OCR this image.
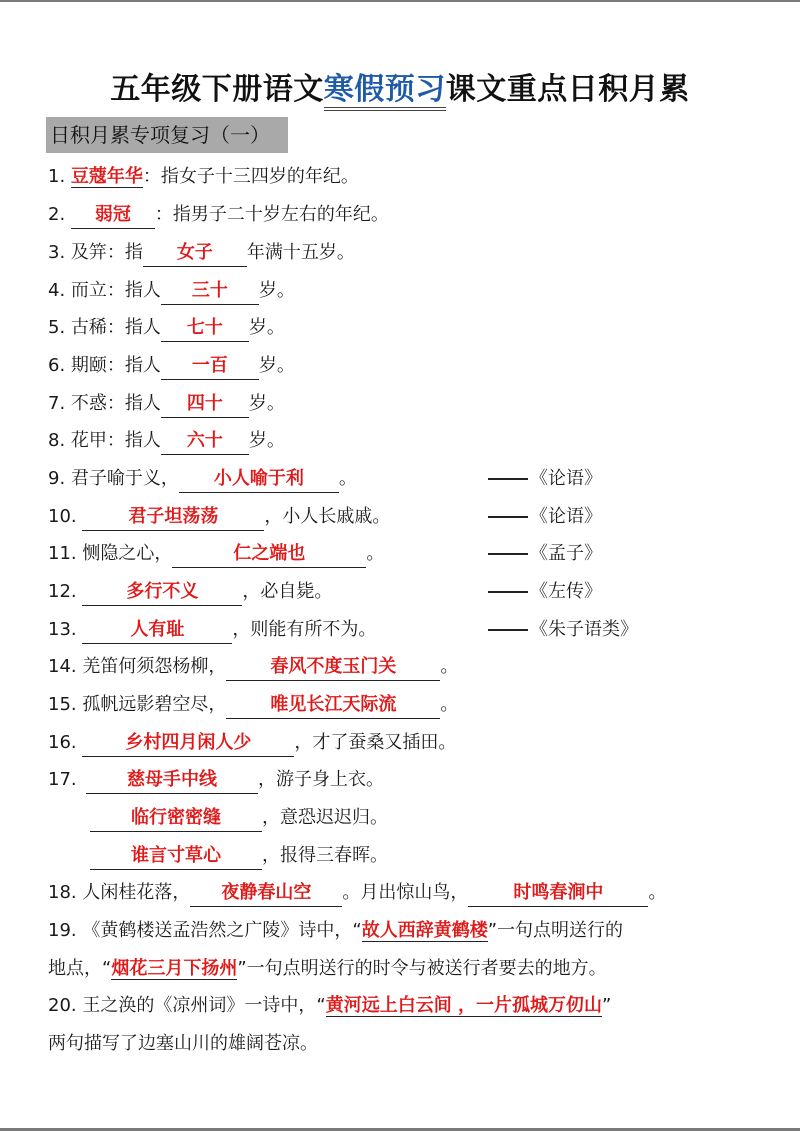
五年级下册语文寒假预习课文重点日积月累
日积月累专项复习（一）
1. 豆蔻年华：指女子十三四岁的年纪。
2. 弱冠 ：指男子二十岁左右的年纪。
3. 及笄：指 女子 年满十五岁。
4. 而立：指人 三十 岁。
5. 古稀：指人 七十 岁。
6. 期颐：指人 一百 岁。
7. 不惑：指人 四十 岁。
8. 花甲：指人 六十 岁。
9. 君子喻于义， 小人喻于利 。	《论语》
10.	君子坦荡荡	，小人长戚戚。	《论语》
11. 恻隐之心，	仁之端也	。	《孟子》
12.	多行不义 ，必自毙。	《左传》
13.	人有耻	，则能有所不为。	《朱子语类》
14. 羌笛何须怨杨柳， 春风不度玉门关 。
15. 孤帆远影碧空尽， 唯见长江天际流 。
16.	乡村四月闲人少 ，才了蚕桑又插田。
17.	慈母手中线 ，游子身上衣。
临行密密缝 ，意恐迟迟归。
谁言寸草心 ，报得三春晖。
18. 人闲桂花落， 夜静春山空 。月出惊山鸟，	时鸣春涧中	。
19. 《黄鹤楼送孟浩然之广陵》诗中，“故人西辞黄鹤楼”一句点明送行的
地点，“烟花三月下扬州”一句点明送行的时令与被送行者要去的地方。
20. 王之涣的《凉州词》一诗中，“黄河远上白云间 ，一片孤城万仞山”
两句描写了边塞山川的雄阔苍凉。
